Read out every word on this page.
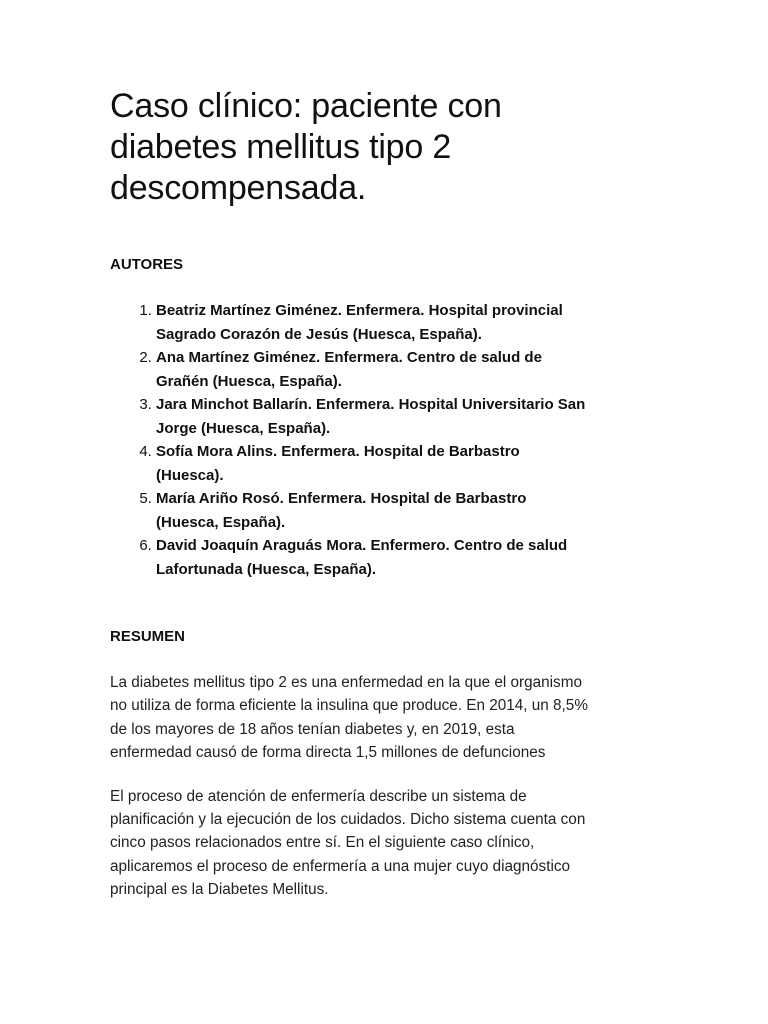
Caso clínico: paciente con
diabetes mellitus tipo 2
descompensada.
AUTORES
1. Beatriz Martínez Giménez. Enfermera. Hospital provincial
Sagrado Corazón de Jesús (Huesca, España).
2. Ana Martínez Giménez. Enfermera. Centro de salud de
Grañén (Huesca, España).
3. Jara Minchot Ballarín. Enfermera. Hospital Universitario San
Jorge (Huesca, España).
4. Sofía Mora Alins. Enfermera. Hospital de Barbastro
(Huesca).
5. María Ariño Rosó. Enfermera. Hospital de Barbastro
(Huesca, España).
6. David Joaquín Araguás Mora. Enfermero. Centro de salud
Lafortunada (Huesca, España).
RESUMEN

La diabetes mellitus tipo 2 es una enfermedad en la que el organismo
no utiliza de forma eficiente la insulina que produce. En 2014, un 8,5%
de los mayores de 18 años tenían diabetes y, en 2019, esta
enfermedad causó de forma directa 1,5 millones de defunciones

El proceso de atención de enfermería describe un sistema de
planificación y la ejecución de los cuidados. Dicho sistema cuenta con
cinco pasos relacionados entre sí. En el siguiente caso clínico,
aplicaremos el proceso de enfermería a una mujer cuyo diagnóstico
principal es la Diabetes Mellitus.
